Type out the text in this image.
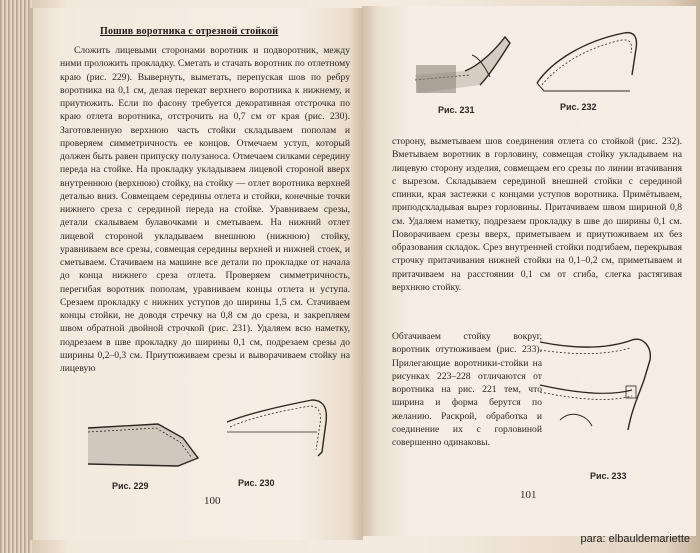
Пошив воротника с отрезной стойкой

Сложить лицевыми сторонами воротник и подворотник, между ними проложить прокладку. Сметать и стачать воротник по отлетному краю (рис. 229). Вывернуть, выметать, перепуская шов по ребру воротника на 0,1 см, делая перекат верхнего воротника к нижнему, и приутюжить. Если по фасону требуется декоративная отстрочка по краю отлета воротника, отстрочить на 0,7 см от края (рис. 230). Заготовленную верхнюю часть стойки складываем пополам и проверяем симметричность ее концов. Отмечаем уступ, который должен быть равен припуску полузаноса. Отмечаем силками середину переда на стойке. На прокладку укладываем лицевой стороной вверх внутреннюю (верхнюю) стойку, на стойку — отлет воротника верхней деталью вниз. Совмещаем середины отлета и стойки, конечные точки нижнего среза с серединой переда на стойке. Уравниваем срезы, детали скалываем булавочками и сметываем. На нижний отлет лицевой стороной укладываем внешнюю (нижнюю) стойку, уравниваем все срезы, совмещая середины верхней и нижней стоек, и сметываем. Стачиваем на машине все детали по прокладке от начала до конца нижнего среза отлета. Проверяем симметричность, перегибая воротник пополам, уравниваем концы отлета и уступа. Срезаем прокладку с нижних уступов до ширины 1,5 см. Стачиваем концы стойки, не доводя стречку на 0,8 см до среза, и закрепляем швом обратной двойной строчкой (рис. 231). Удаляем всю наметку, подрезаем в шве прокладку до ширины 0,1 см, подрезаем срезы до ширины 0,2–0,3 см. Приутюживаем срезы и выворачиваем стойку на лицевую

Рис. 229	Рис. 230
100
Рис. 231	Рис. 232

сторону, выметываем шов соединения отлета со стойкой (рис. 232). Вметываем воротник в горловину, совмещая стойку укладываем на лицевую сторону изделия, совмещаем его срезы по линии втачивания с вырезом. Складываем серединой внешней стойки с серединой спинки, края застежки с концами уступов воротника. Примётываем, приподскладывая вырез горловины. Притачиваем швом шириной 0,8 см. Удаляем наметку, подрезаем прокладку в шве до ширины 0,1 см. Поворачиваем срезы вверх, приметываем и приутюживаем их без образования складок. Срез внутренней стойки подгибаем, перекрывая строчку притачивания нижней стойки на 0,1–0,2 см, приметываем и притачиваем на расстоянии 0,1 см от сгиба, слегка растягивая верхнюю стойку.

Обтачиваем стойку вокруг, воротник отутюживаем (рис. 233). Прилегающие воротники-стойки на рисунках 223–228 отличаются от воротника на рис. 221 тем, что ширина и форма берутся по желанию. Раскрой, обработка и соединение их с горловиной совершенно одинаковы.

Рис. 233
101
para: elbauldemariette
